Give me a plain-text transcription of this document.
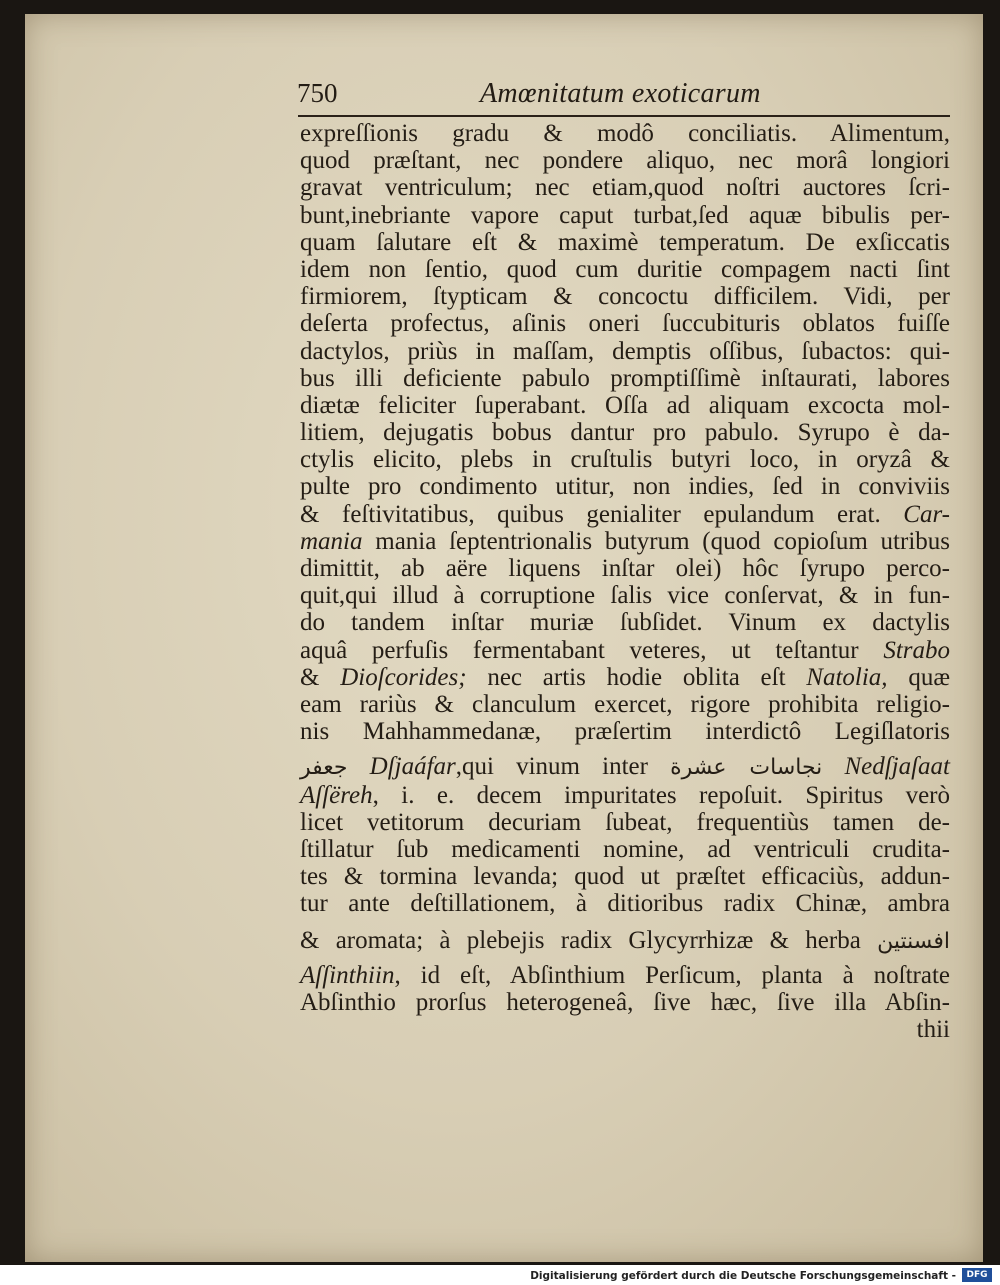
750	Amœnitatum exoticarum
expreſſionis gradu & modô conciliatis. Alimentum,
quod præſtant, nec pondere aliquo, nec morâ longiori
gravat ventriculum; nec etiam,quod noſtri auctores ſcri-
bunt,inebriante vapore caput turbat,ſed aquæ bibulis per-
quam ſalutare eſt & maximè temperatum. De exſiccatis
idem non ſentio, quod cum duritie compagem nacti ſint
firmiorem, ſtypticam & concoctu difficilem. Vidi, per
deſerta profectus, aſinis oneri ſuccubituris oblatos fuiſſe
dactylos, priùs in maſſam, demptis oſſibus, ſubactos: qui-
bus illi deficiente pabulo promptiſſimè inſtaurati, labores
diætæ feliciter ſuperabant. Oſſa ad aliquam excocta mol-
litiem, dejugatis bobus dantur pro pabulo. Syrupo è da-
ctylis elicito, plebs in cruſtulis butyri loco, in oryzâ &
pulte pro condimento utitur, non indies, ſed in conviviis
& feſtivitatibus, quibus genialiter epulandum erat. Car-
mania mania ſeptentrionalis butyrum (quod copioſum utribus
dimittit, ab aëre liquens inſtar olei) hôc ſyrupo perco-
quit,qui illud à corruptione ſalis vice conſervat, & in fun-
do tandem inſtar muriæ ſubſidet. Vinum ex dactylis
aquâ perfuſis fermentabant veteres, ut teſtantur Strabo
& Dioſcorides; nec artis hodie oblita eſt Natolia, quæ
eam rariùs & clanculum exercet, rigore prohibita religio-
nis Mahhammedanæ, præſertim interdictô Legiſlatoris
جعفر Dſjaáfar,qui vinum inter نجاسات عشرة Nedſjaſaat
Aſſëreh, i. e. decem impuritates repoſuit. Spiritus verò
licet vetitorum decuriam ſubeat, frequentiùs tamen de-
ſtillatur ſub medicamenti nomine, ad ventriculi crudita-
tes & tormina levanda; quod ut præſtet efficaciùs, addun-
tur ante deſtillationem, à ditioribus radix Chinæ, ambra
& aromata; à plebejis radix Glycyrrhizæ & herba افسنتين
Aſſinthiin, id eſt, Abſinthium Perſicum, planta à noſtrate
Abſinthio prorſus heterogeneâ, ſive hæc, ſive illa Abſin-
thii
Digitalisierung gefördert durch die Deutsche Forschungsgemeinschaft -	DFG
